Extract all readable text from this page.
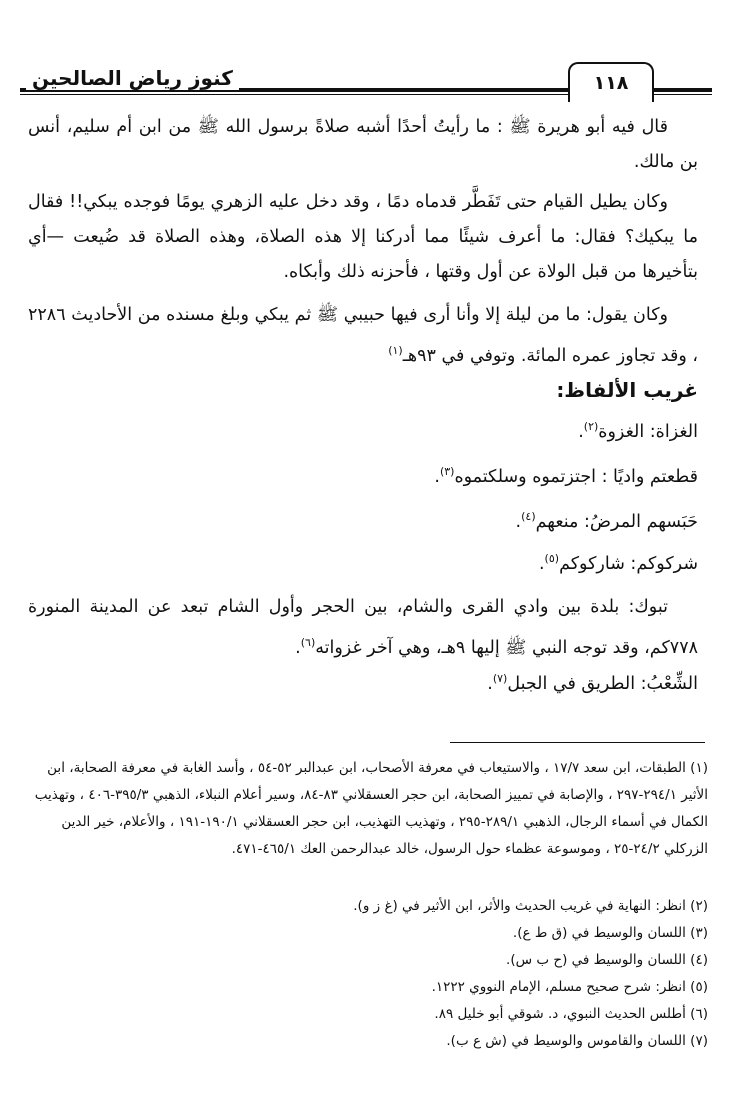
١١٨
كنوز رياض الصالحين
قال فيه أبو هريرة ﷺ : ما رأيتُ أحدًا أشبه صلاةً برسول الله ﷺ من ابن أم سليم، أنس بن مالك.
وكان يطيل القيام حتى تَفَطَّر قدماه دمًا ، وقد دخل عليه الزهري يومًا فوجده يبكي!! فقال ما يبكيك؟ فقال: ما أعرف شيئًا مما أدركنا إلا هذه الصلاة، وهذه الصلاة قد ضُيعت —أي بتأخيرها من قبل الولاة عن أول وقتها ، فأحزنه ذلك وأبكاه.
وكان يقول: ما من ليلة إلا وأنا أرى فيها حبيبي ﷺ ثم يبكي وبلغ مسنده من الأحاديث ٢٢٨٦ ، وقد تجاوز عمره المائة. وتوفي في ٩٣هـ$^{(١)}$
غريب الألفاظ:
الغزاة: الغزوة$^{(٢)}$.
قطعتم واديًا : اجتزتموه وسلكتموه$^{(٣)}$.
حَبَسهم المرضُ: منعهم$^{(٤)}$.
شركوكم: شاركوكم$^{(٥)}$.
تبوك: بلدة بين وادي القرى والشام، بين الحجر وأول الشام تبعد عن المدينة المنورة ٧٧٨كم، وقد توجه النبي ﷺ إليها ٩هـ، وهي آخر غزواته$^{(٦)}$.
الشِّعْبُ: الطريق في الجبل$^{(٧)}$.
(١) الطبقات، ابن سعد ١٧/٧ ، والاستيعاب في معرفة الأصحاب، ابن عبدالبر ٥٢-٥٤ ، وأسد الغابة في معرفة الصحابة، ابن الأثير ٢٩٤/١-٢٩٧ ، والإصابة في تمييز الصحابة، ابن حجر العسقلاني ٨٣-٨٤، وسير أعلام النبلاء، الذهبي ٣٩٥/٣-٤٠٦ ، وتهذيب الكمال في أسماء الرجال، الذهبي ٢٨٩/١-٢٩٥ ، وتهذيب التهذيب، ابن حجر العسقلاني ١٩٠/١-١٩١ ، والأعلام، خير الدين الزركلي ٢٤/٢-٢٥ ، وموسوعة عظماء حول الرسول، خالد عبدالرحمن العك ٤٦٥/١-٤٧١.
(٢) انظر: النهاية في غريب الحديث والأثر، ابن الأثير في (غ ز و).
(٣) اللسان والوسيط في (ق ط ع).
(٤) اللسان والوسيط في (ح ب س).
(٥) انظر: شرح صحيح مسلم، الإمام النووي ١٢٢٢.
(٦) أطلس الحديث النبوي، د. شوقي أبو خليل ٨٩.
(٧) اللسان والقاموس والوسيط في (ش ع ب).
